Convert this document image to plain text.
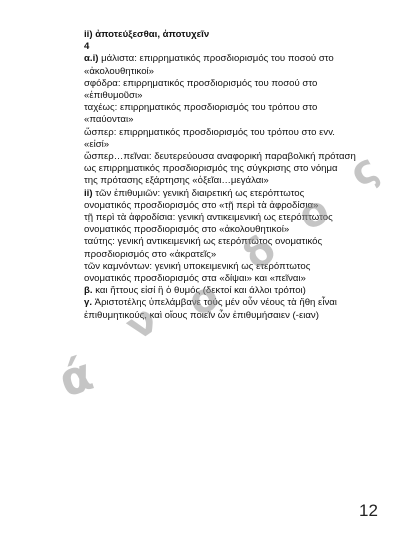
ii) ἀποτεύξεσθαι, ἀποτυχεῖν
4
α.i) μάλιστα: επιρρηματικός προσδιορισμός του ποσού στο
«ἀκολουθητικοί»
σφόδρα: επιρρηματικός προσδιορισμός του ποσού στο
«ἐπιθυμοῦσι»
ταχέως: επιρρηματικός προσδιορισμός του τρόπου στο
«παύονται»
ὥσπερ: επιρρηματικός προσδιορισμός του τρόπου στο εvv.
«εἰσί»
ὥσπερ…πεῖναι: δευτερεύουσα αναφορική παραβολική πρόταση
ως επιρρηματικός προσδιορισμός της σύγκρισης στο νόημα
της πρότασης εξάρτησης «ὀξεῖαι…μεγάλαι»
ii) τῶν ἐπιθυμιῶν: γενική διαιρετική ως ετερόπτωτος
ονοματικός προσδιορισμός στο «τῇ περὶ τὰ ἀφροδίσια»
τῇ περὶ τὰ ἀφροδίσια: γενική αντικειμενική ως ετερόπτωτος
ονοματικός προσδιορισμός στο «ἀκολουθητικοί»
ταύτης: γενική αντικειμενική ως ετερόπτωτος ονοματικός
προσδιορισμός στο «ἀκρατεῖς»
τῶν καμνόντων: γενική υποκειμενική ως ετερόπτωτος
ονοματικός προσδιορισμός στα «δίψαι» και «πεῖναι»
β. και ἥττους εἰσί ἢ ὁ θυμός (δεκτοί και άλλοι τρόποι)
γ. Ἀριστοτέλης ὑπελάμβανε τούς μέν οὖν νέους τὰ ἤθη εἶναι
ἐπιθυμητικούς, καὶ οἵους ποιεῖν ὧν ἐπιθυμήσαιεν (-ειαν)
ά
ν ο
δ
ο
ς
12
